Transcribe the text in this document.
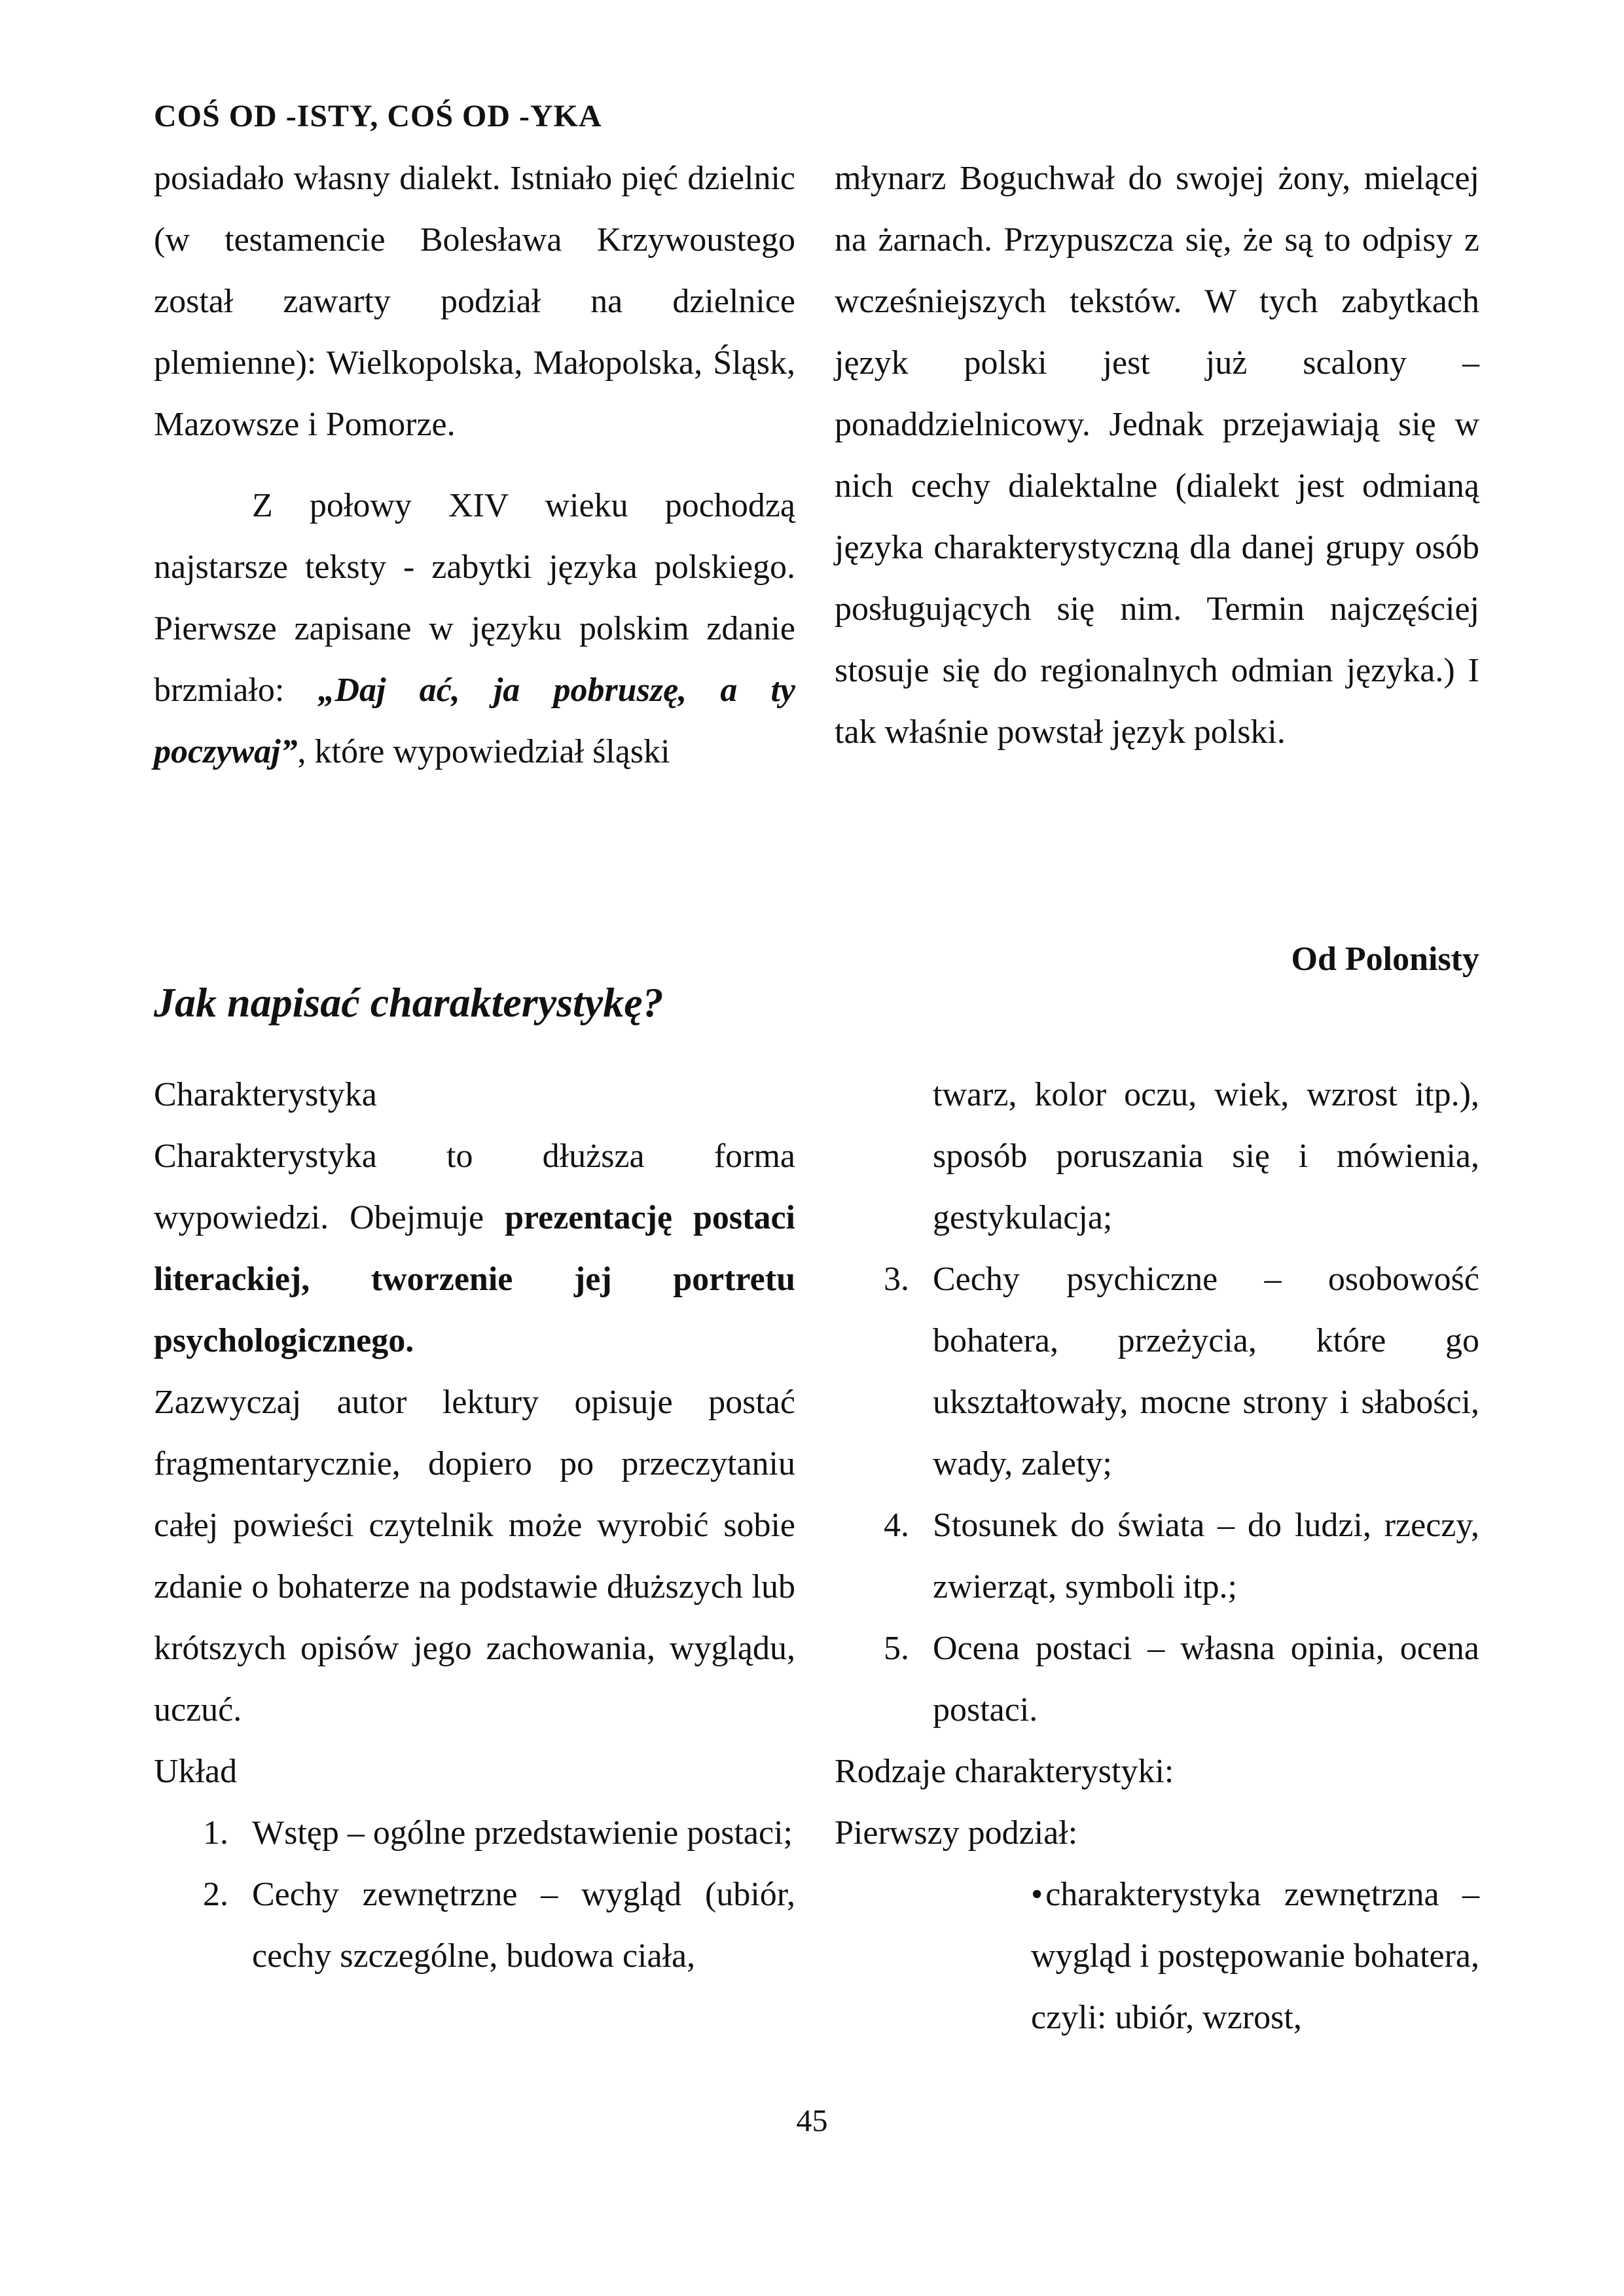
COŚ OD -ISTY, COŚ OD -YKA

posiadało własny dialekt. Istniało pięć dzielnic (w testamencie Bolesława Krzywoustego został zawarty podział na dzielnice plemienne): Wielkopolska, Małopolska, Śląsk, Mazowsze i Pomorze.

Z połowy XIV wieku pochodzą najstarsze teksty - zabytki języka polskiego. Pierwsze zapisane w języku polskim zdanie brzmiało: „Daj ać, ja pobruszę, a ty poczywaj”, które wypowiedział śląski

młynarz Boguchwał do swojej żony, mielącej na żarnach. Przypuszcza się, że są to odpisy z wcześniejszych tekstów. W tych zabytkach język polski jest już scalony – ponaddzielnicowy. Jednak przejawiają się w nich cechy dialektalne (dialekt jest odmianą języka charakterystyczną dla danej grupy osób posługujących się nim. Termin najczęściej stosuje się do regionalnych odmian języka.) I tak właśnie powstał język polski.

Od Polonisty
Jak napisać charakterystykę?

Charakterystyka

Charakterystyka to dłuższa forma wypowiedzi. Obejmuje prezentację postaci literackiej, tworzenie jej portretu psychologicznego.

Zazwyczaj autor lektury opisuje postać fragmentarycznie, dopiero po przeczytaniu całej powieści czytelnik może wyrobić sobie zdanie o bohaterze na podstawie dłuższych lub krótszych opisów jego zachowania, wyglądu, uczuć.

Układ

1. Wstęp – ogólne przedstawienie postaci;
2. Cechy zewnętrzne – wygląd (ubiór, cechy szczególne, budowa ciała,

twarz, kolor oczu, wiek, wzrost itp.), sposób poruszania się i mówienia, gestykulacja;

3. Cechy psychiczne – osobowość bohatera, przeżycia, które go ukształtowały, mocne strony i słabości, wady, zalety;
4. Stosunek do świata – do ludzi, rzeczy, zwierząt, symboli itp.;
5. Ocena postaci – własna opinia, ocena postaci.

Rodzaje charakterystyki:

Pierwszy podział:

•charakterystyka zewnętrzna – wygląd i postępowanie bohatera, czyli: ubiór, wzrost,

45
